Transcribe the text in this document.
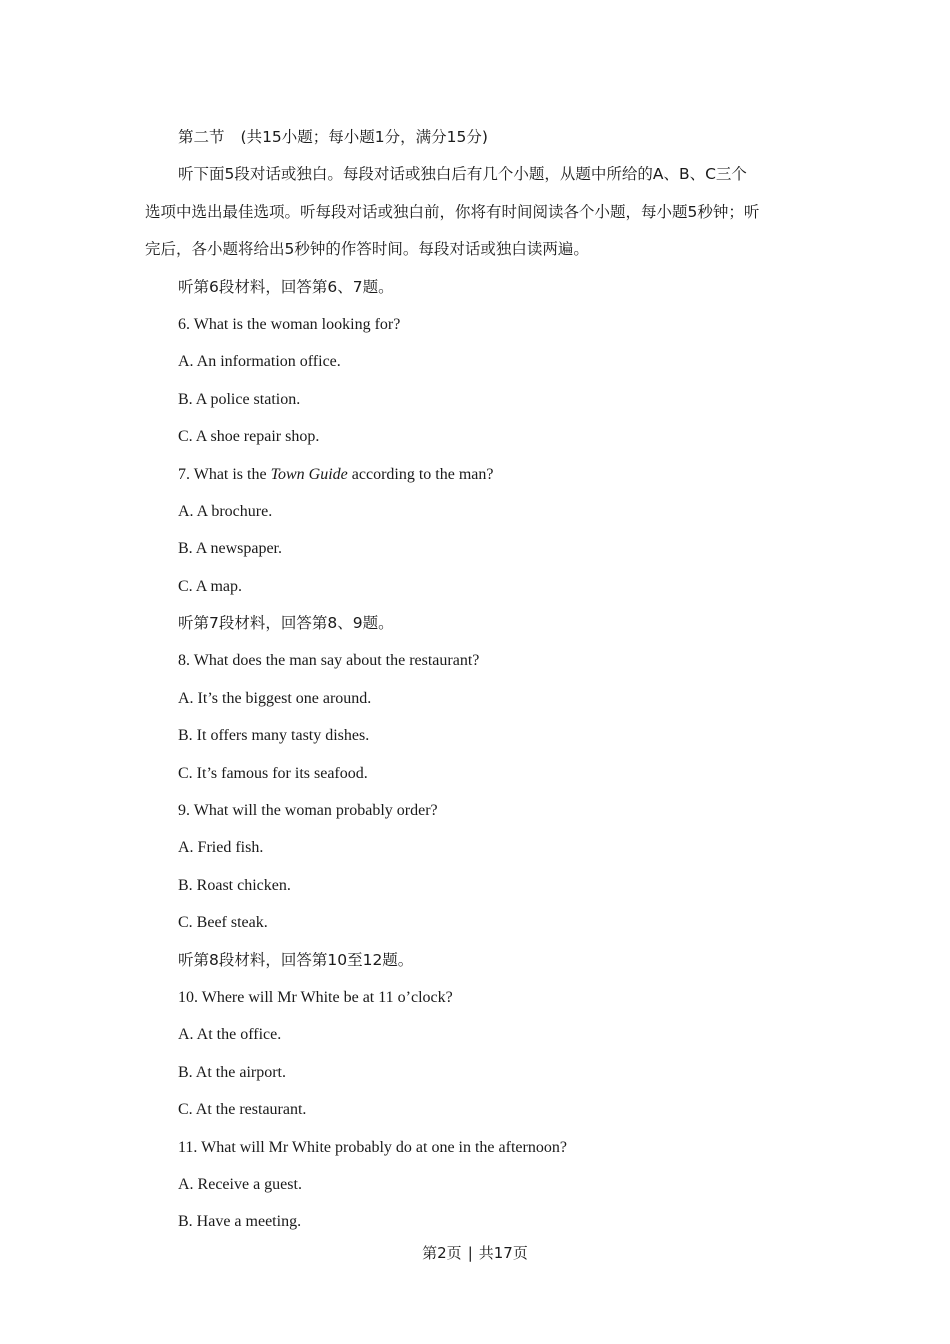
第二节 (共15小题；每小题1分，满分15分)
听下面5段对话或独白。每段对话或独白后有几个小题，从题中所给的A、B、C三个
选项中选出最佳选项。听每段对话或独白前，你将有时间阅读各个小题，每小题5秒钟；听
完后，各小题将给出5秒钟的作答时间。每段对话或独白读两遍。
听第6段材料，回答第6、7题。
6. What is the woman looking for?
A. An information office.
B. A police station.
C. A shoe repair shop.
7. What is the Town Guide according to the man?
A. A brochure.
B. A newspaper.
C. A map.
听第7段材料，回答第8、9题。
8. What does the man say about the restaurant?
A. It’s the biggest one around.
B. It offers many tasty dishes.
C. It’s famous for its seafood.
9. What will the woman probably order?
A. Fried fish.
B. Roast chicken.
C. Beef steak.
听第8段材料，回答第10至12题。
10. Where will Mr White be at 11 o’clock?
A. At the office.
B. At the airport.
C. At the restaurant.
11. What will Mr White probably do at one in the afternoon?
A. Receive a guest.
B. Have a meeting.
第2页 | 共17页
